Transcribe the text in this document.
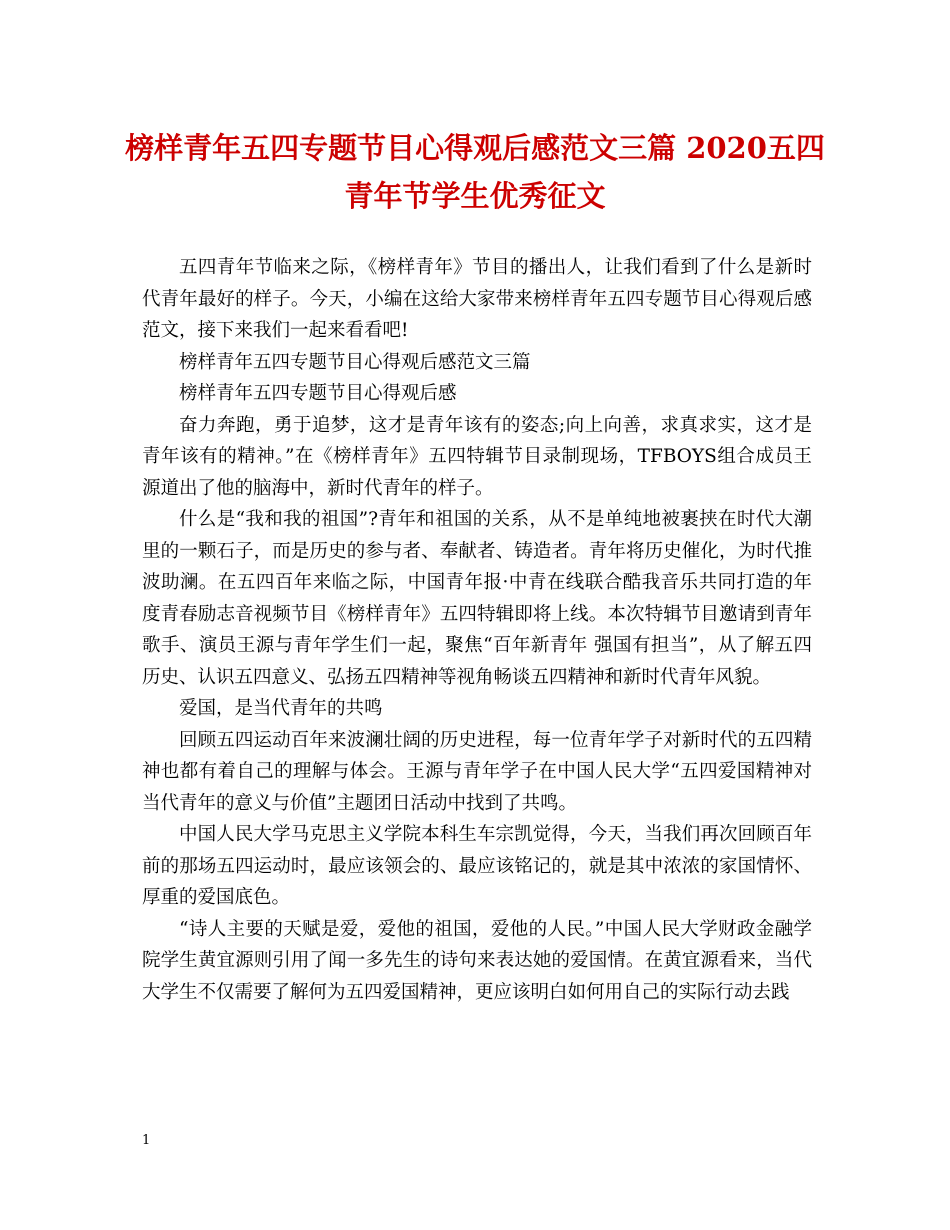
榜样青年五四专题节目心得观后感范文三篇 2020五四青年节学生优秀征文

五四青年节临来之际，《榜样青年》节目的播出人，让我们看到了什么是新时代青年最好的样子。今天，小编在这给大家带来榜样青年五四专题节目心得观后感范文，接下来我们一起来看看吧!

榜样青年五四专题节目心得观后感范文三篇

榜样青年五四专题节目心得观后感

奋力奔跑，勇于追梦，这才是青年该有的姿态;向上向善，求真求实，这才是青年该有的精神。”在《榜样青年》五四特辑节目录制现场，TFBOYS组合成员王源道出了他的脑海中，新时代青年的样子。

什么是“我和我的祖国”?青年和祖国的关系，从不是单纯地被裹挟在时代大潮里的一颗石子，而是历史的参与者、奉献者、铸造者。青年将历史催化，为时代推波助澜。在五四百年来临之际，中国青年报·中青在线联合酷我音乐共同打造的年度青春励志音视频节目《榜样青年》五四特辑即将上线。本次特辑节目邀请到青年歌手、演员王源与青年学生们一起，聚焦“百年新青年 强国有担当”，从了解五四历史、认识五四意义、弘扬五四精神等视角畅谈五四精神和新时代青年风貌。

爱国，是当代青年的共鸣

回顾五四运动百年来波澜壮阔的历史进程，每一位青年学子对新时代的五四精神也都有着自己的理解与体会。王源与青年学子在中国人民大学“五四爱国精神对当代青年的意义与价值”主题团日活动中找到了共鸣。

中国人民大学马克思主义学院本科生车宗凯觉得，今天，当我们再次回顾百年前的那场五四运动时，最应该领会的、最应该铭记的，就是其中浓浓的家国情怀、厚重的爱国底色。

“诗人主要的天赋是爱，爱他的祖国，爱他的人民。”中国人民大学财政金融学院学生黄宜源则引用了闻一多先生的诗句来表达她的爱国情。在黄宜源看来，当代大学生不仅需要了解何为五四爱国精神，更应该明白如何用自己的实际行动去践

1
